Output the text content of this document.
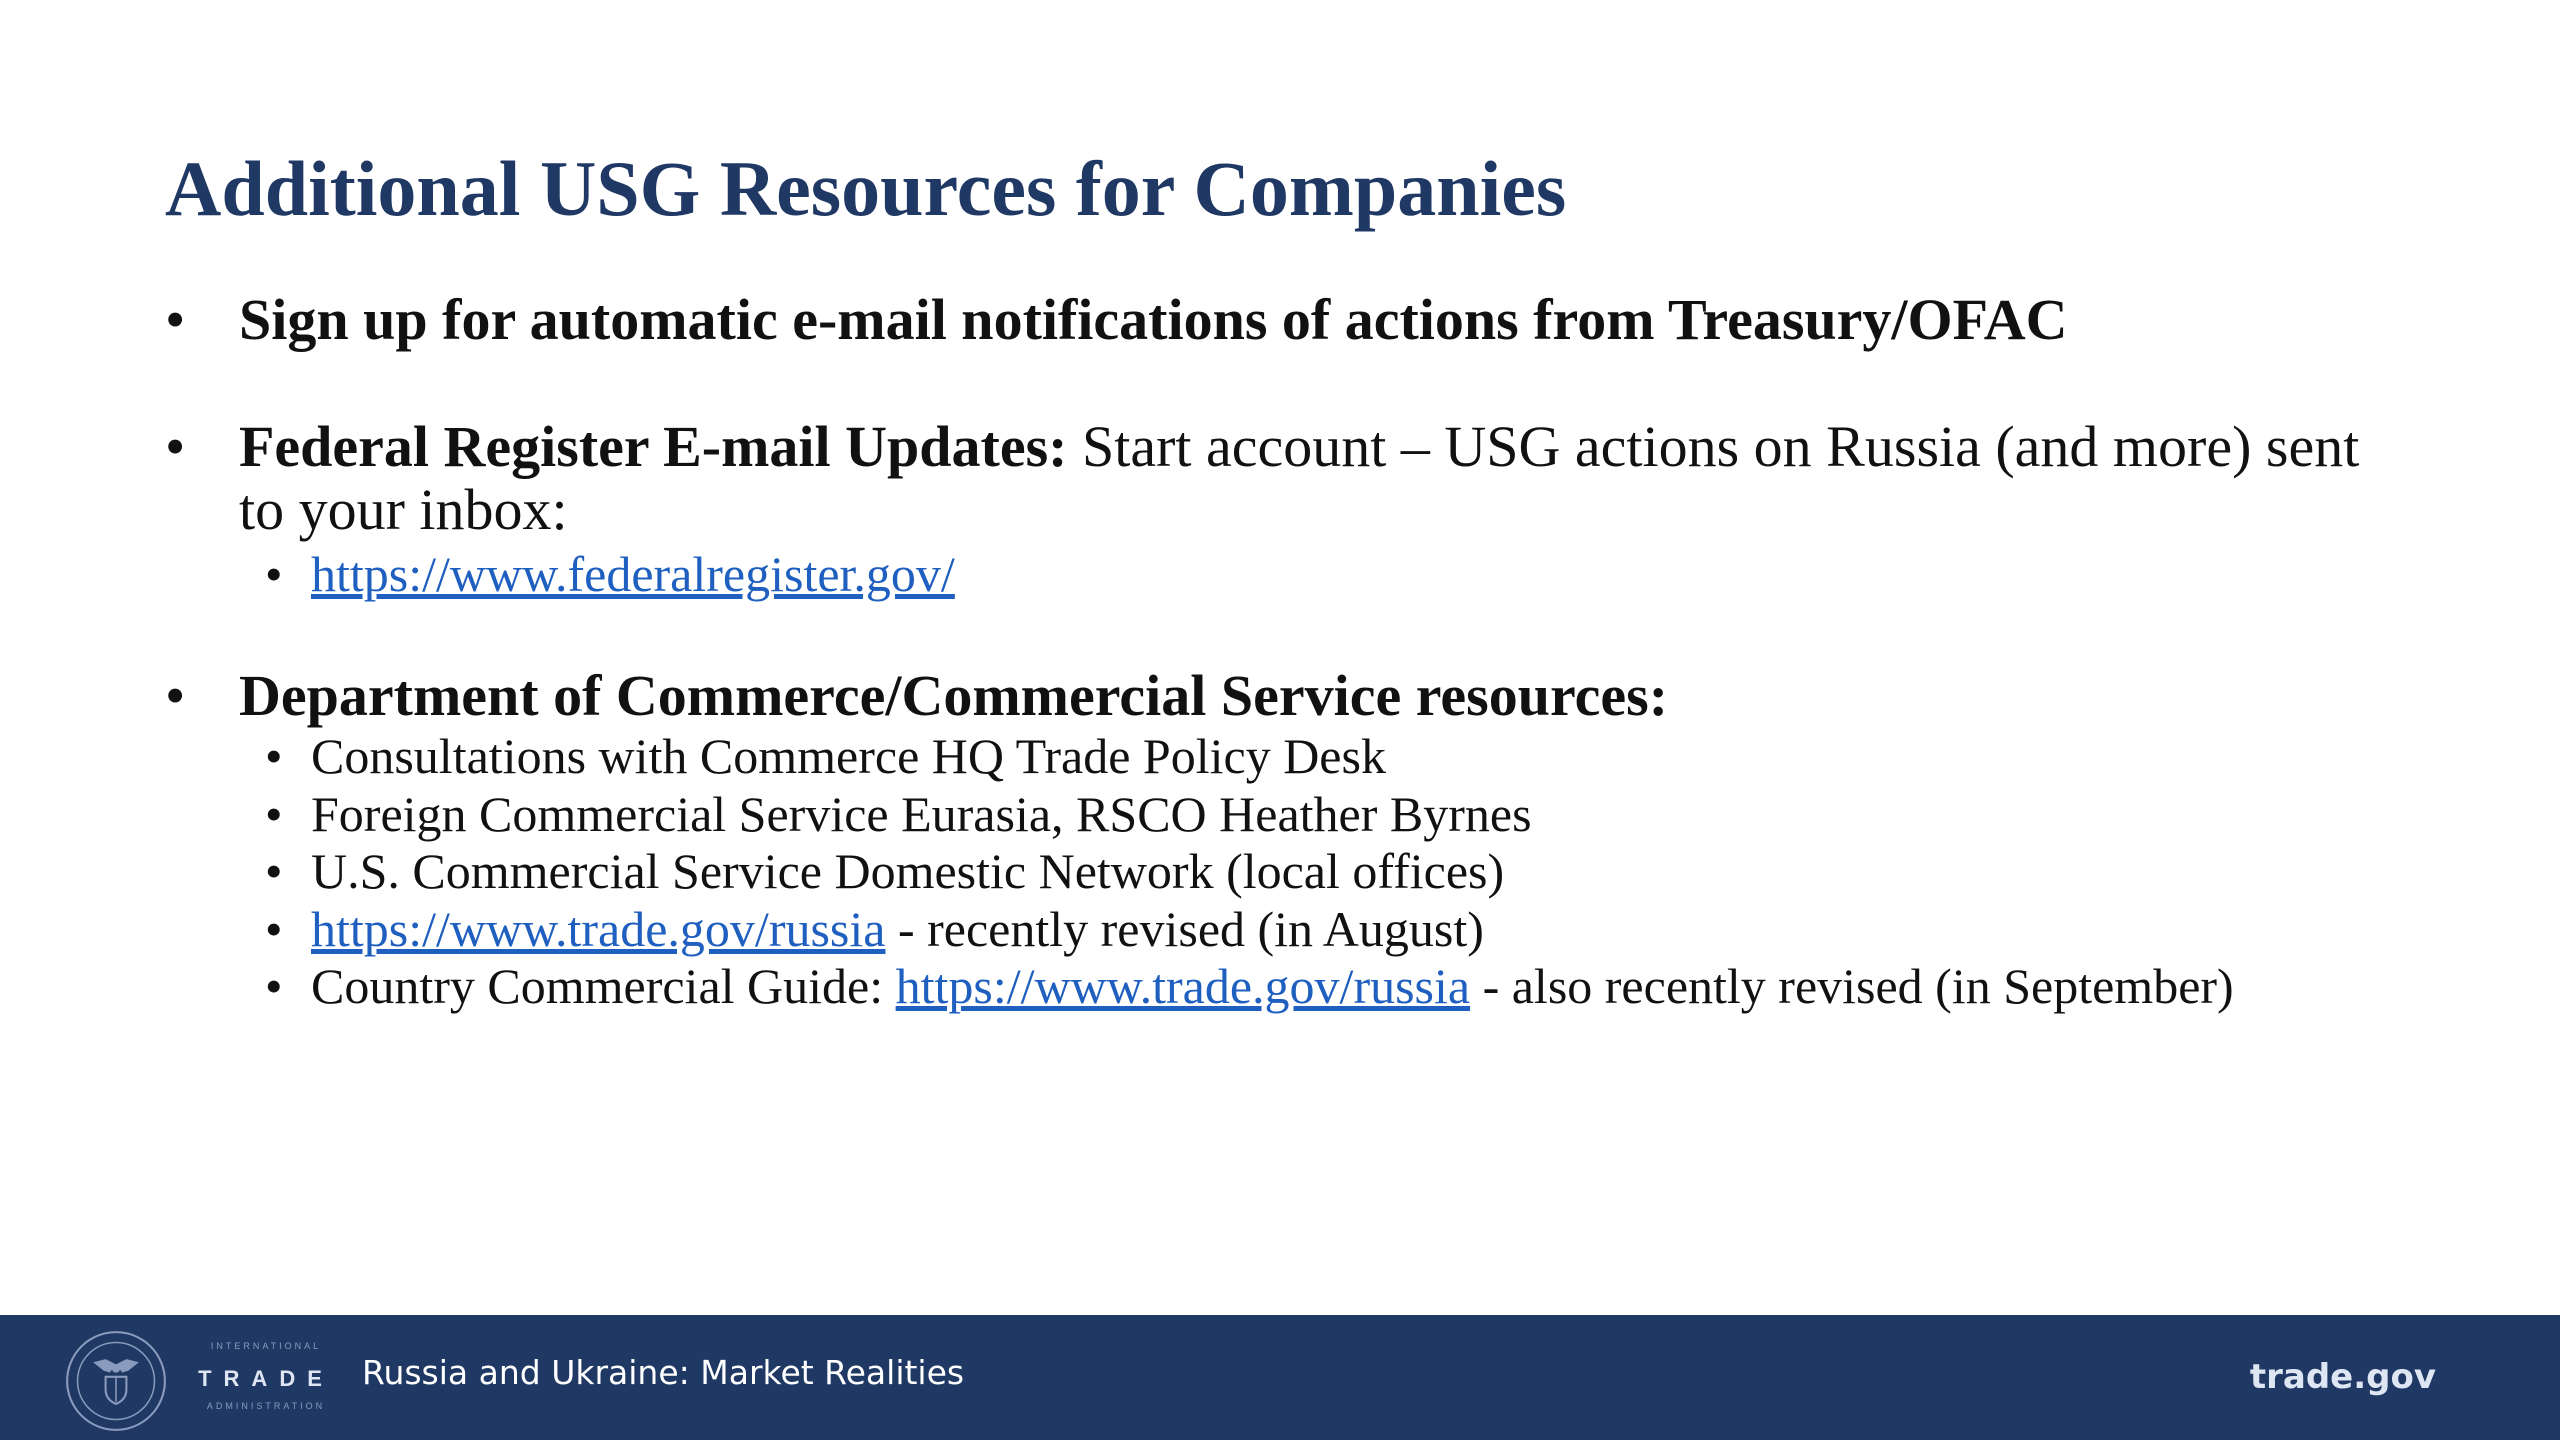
Additional USG Resources for Companies
• Sign up for automatic e-mail notifications of actions from Treasury/OFAC
• Federal Register E-mail Updates: Start account – USG actions on Russia (and more) sent to your inbox:
• https://www.federalregister.gov/
• Department of Commerce/Commercial Service resources:
• Consultations with Commerce HQ Trade Policy Desk
• Foreign Commercial Service Eurasia, RSCO Heather Byrnes
• U.S. Commercial Service Domestic Network (local offices)
• https://www.trade.gov/russia - recently revised (in August)
• Country Commercial Guide: https://www.trade.gov/russia - also recently revised (in September)
INTERNATIONAL
TRADE
ADMINISTRATION
Russia and Ukraine: Market Realities	trade.gov
